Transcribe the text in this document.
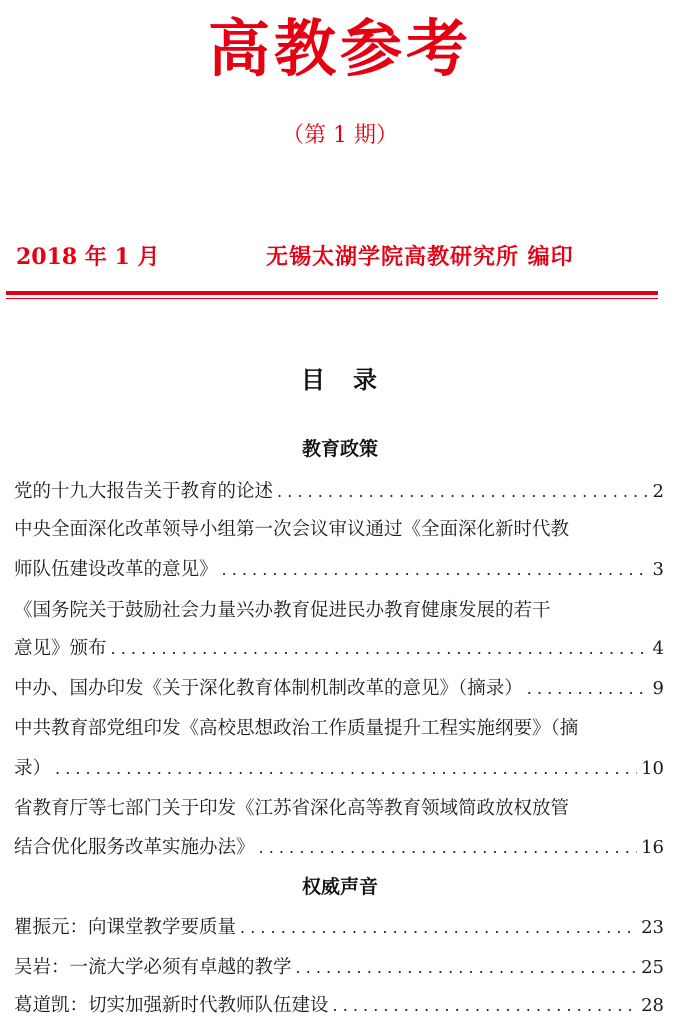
高教参考
（第 1 期）
2018 年 1 月	无锡太湖学院高教研究所 编印
目　录
教育政策
党的十九大报告关于教育的论述 . . .	2
中央全面深化改革领导小组第一次会议审议通过《全面深化新时代教
师队伍建设改革的意见》 . . .	3
《国务院关于鼓励社会力量兴办教育促进民办教育健康发展的若干
意见》颁布 . . .	4
中办、国办印发《关于深化教育体制机制改革的意见》（摘录） . . .	9
中共教育部党组印发《高校思想政治工作质量提升工程实施纲要》（摘
录） . . .	10
省教育厅等七部门关于印发《江苏省深化高等教育领域简政放权放管
结合优化服务改革实施办法》 . . .	16
权威声音
瞿振元：向课堂教学要质量 . . .	23
吴岩：一流大学必须有卓越的教学 . . .	25
葛道凯：切实加强新时代教师队伍建设 . . .	28
